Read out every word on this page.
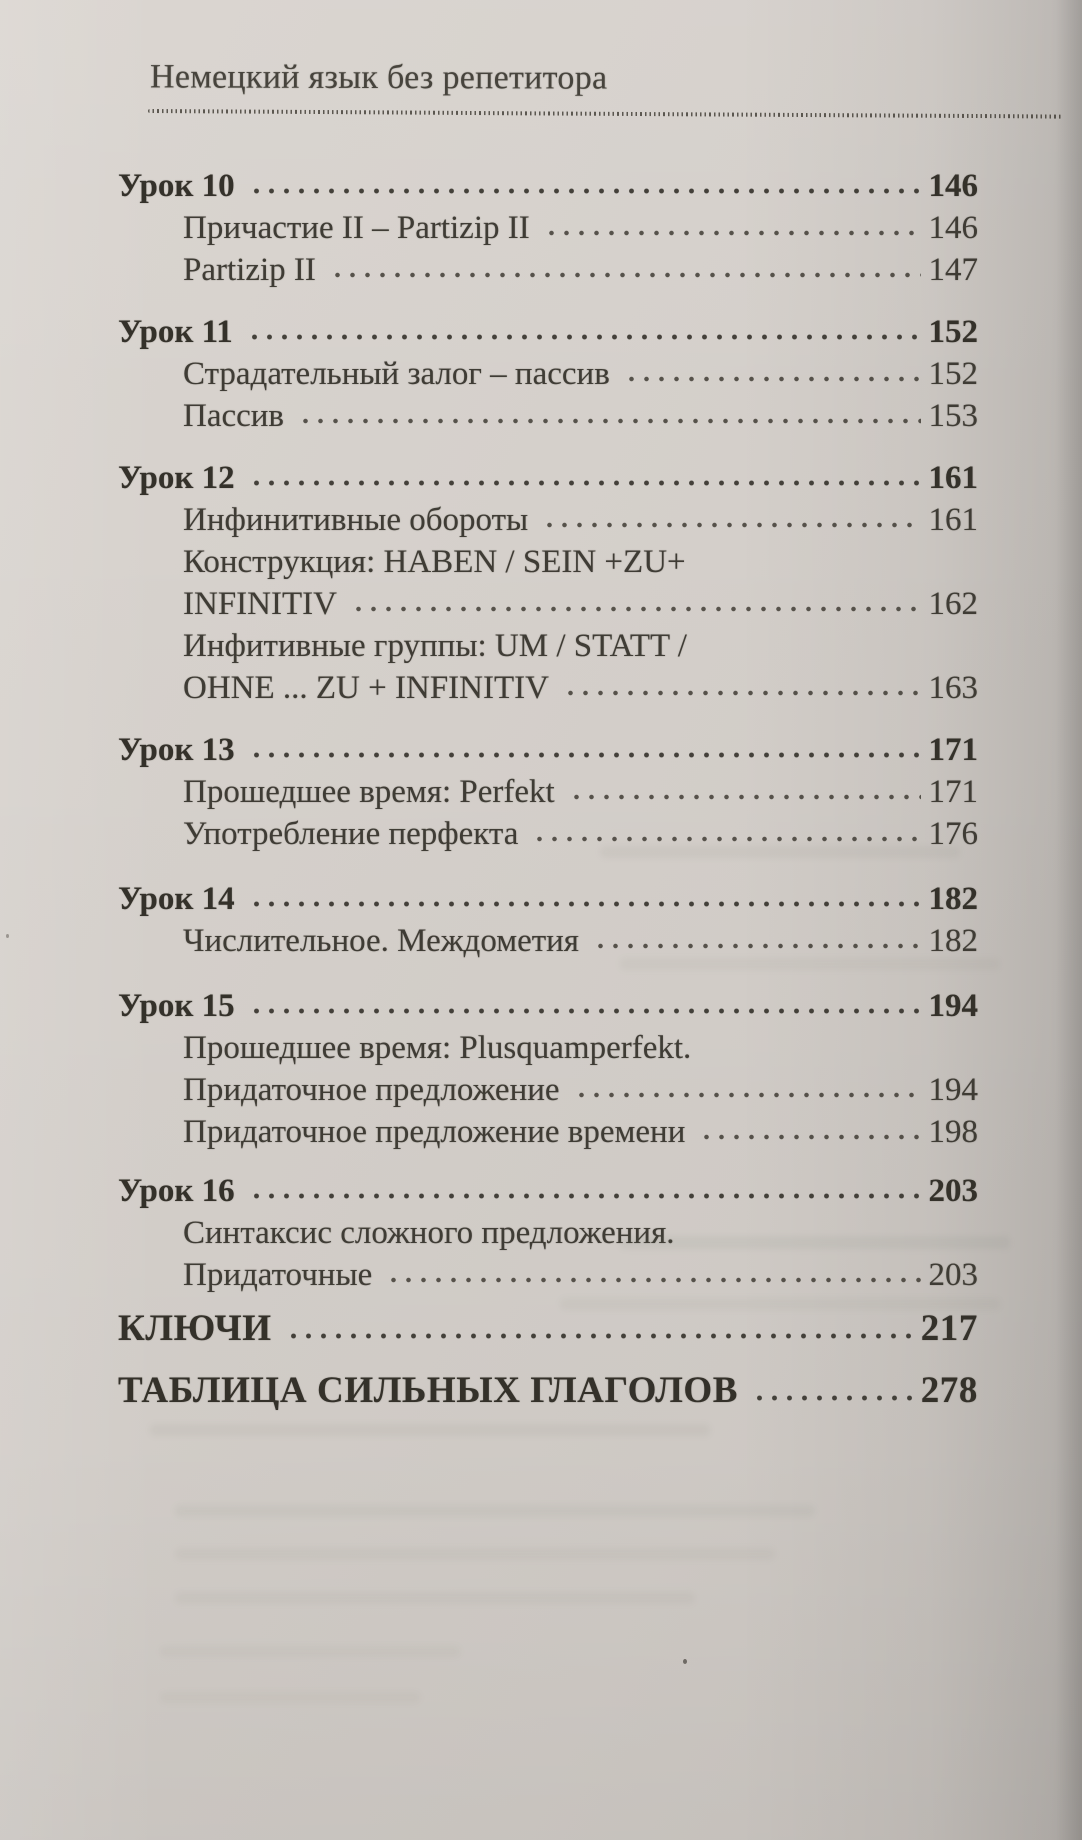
Немецкий язык без репетитора
Урок 10	146
Причастие II – Partizip II	146
Partizip II	147
Урок 11	152
Страдательный залог – пассив	152
Пассив	153
Урок 12	161
Инфинитивные обороты	161
Конструкция: HABEN / SEIN +ZU+
INFINITIV	162
Инфитивные группы: UM / STATT /
OHNE ... ZU + INFINITIV	163
Урок 13	171
Прошедшее время: Perfekt	171
Употребление перфекта	176
Урок 14	182
Числительное. Междометия	182
Урок 15	194
Прошедшее время: Plusquamperfekt.
Придаточное предложение	194
Придаточное предложение времени	198
Урок 16	203
Синтаксис сложного предложения.
Придаточные	203
КЛЮЧИ	217
ТАБЛИЦА СИЛЬНЫХ ГЛАГОЛОВ	278
